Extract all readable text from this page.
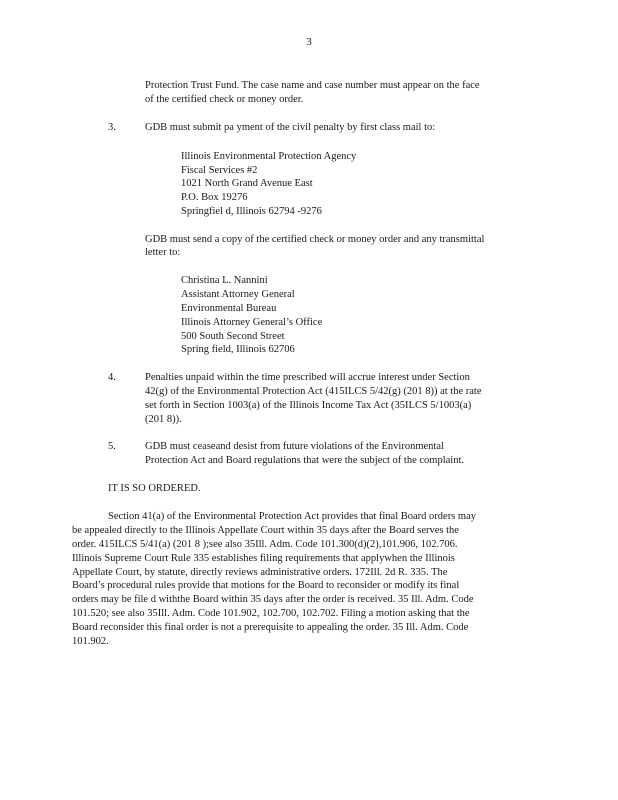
3
Protection Trust Fund. The case name and case number must appear on the face
of the certified check or money order.
3.	GDB must submit pa yment of the civil penalty by first class mail to:
Illinois Environmental Protection Agency
Fiscal Services #2
1021 North Grand Avenue East
P.O. Box 19276
Springfiel d, Illinois 62794 -9276
GDB must send a copy of the certified check or money order and any transmittal
letter to:
Christina L. Nannini
Assistant Attorney General
Environmental Bureau
Illinois Attorney General’s Office
500 South Second Street
Spring field, Illinois 62706
4.	Penalties unpaid within the time prescribed will accrue interest under Section
42(g) of the Environmental Protection Act (415ILCS 5/42(g) (201 8)) at the rate
set forth in Section 1003(a) of the Illinois Income Tax Act (35ILCS 5/1003(a)
(201 8)).
5.	GDB must ceaseand desist from future violations of the Environmental
Protection Act and Board regulations that were the subject of the complaint.
IT IS SO ORDERED.
Section 41(a) of the Environmental Protection Act provides that final Board orders may
be appealed directly to the Illinois Appellate Court within 35 days after the Board serves the
order. 415ILCS 5/41(a) (201 8 );see also 35Ill. Adm. Code 101.300(d)(2),101.906, 102.706.
Illinois Supreme Court Rule 335 establishes filing requirements that applywhen the Illinois
Appellate Court, by statute, directly reviews administrative orders. 172Ill. 2d R. 335. The
Board’s procedural rules provide that motions for the Board to reconsider or modify its final
orders may be file d withthe Board within 35 days after the order is received. 35 Ill. Adm. Code
101.520; see also 35Ill. Adm. Code 101.902, 102.700, 102.702. Filing a motion asking that the
Board reconsider this final order is not a prerequisite to appealing the order. 35 Ill. Adm. Code
101.902.
